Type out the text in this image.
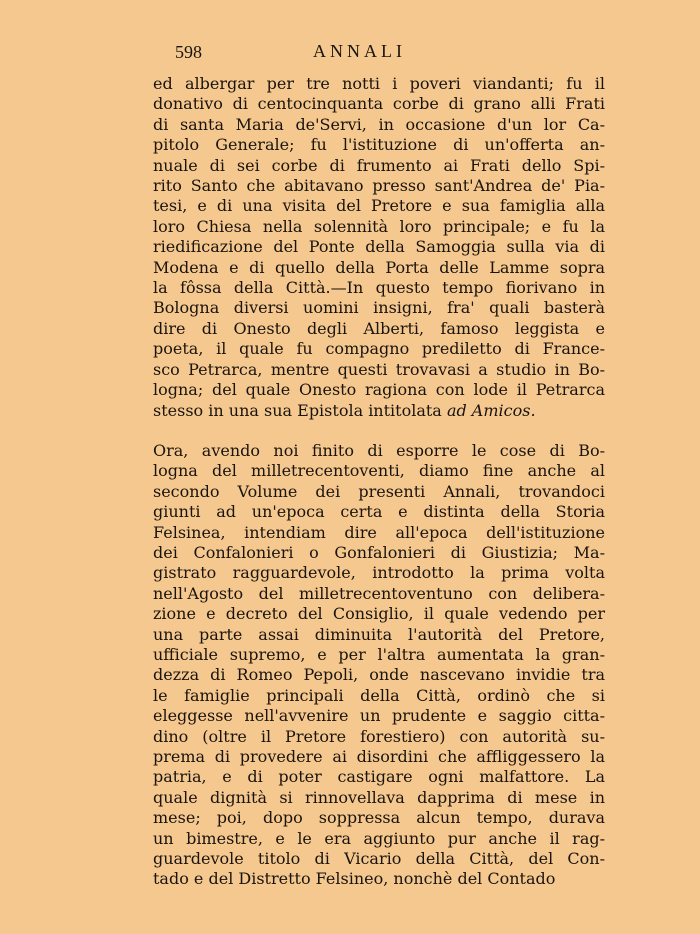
598	ANNALI

ed albergar per tre notti i poveri viandanti; fu il
donativo di centocinquanta corbe di grano alli Frati
di santa Maria de'Servi, in occasione d'un lor Ca-
pitolo Generale; fu l'istituzione di un'offerta an-
nuale di sei corbe di frumento ai Frati dello Spi-
rito Santo che abitavano presso sant'Andrea de' Pia-
tesi, e di una visita del Pretore e sua famiglia alla
loro Chiesa nella solennità loro principale; e fu la
riedificazione del Ponte della Samoggia sulla via di
Modena e di quello della Porta delle Lamme sopra
la fôssa della Città.—In questo tempo fiorivano in
Bologna diversi uomini insigni, fra' quali basterà
dire di Onesto degli Alberti, famoso leggista e
poeta, il quale fu compagno prediletto di France-
sco Petrarca, mentre questi trovavasi a studio in Bo-
logna; del quale Onesto ragiona con lode il Petrarca
stesso in una sua Epistola intitolata ad Amicos.

Ora, avendo noi finito di esporre le cose di Bo-
logna del milletrecentoventi, diamo fine anche al
secondo Volume dei presenti Annali, trovandoci
giunti ad un'epoca certa e distinta della Storia
Felsinea, intendiam dire all'epoca dell'istituzione
dei Confalonieri o Gonfalonieri di Giustizia; Ma-
gistrato ragguardevole, introdotto la prima volta
nell'Agosto del milletrecentoventuno con delibera-
zione e decreto del Consiglio, il quale vedendo per
una parte assai diminuita l'autorità del Pretore,
ufficiale supremo, e per l'altra aumentata la gran-
dezza di Romeo Pepoli, onde nascevano invidie tra
le famiglie principali della Città, ordinò che si
eleggesse nell'avvenire un prudente e saggio citta-
dino (oltre il Pretore forestiero) con autorità su-
prema di provedere ai disordini che affliggessero la
patria, e di poter castigare ogni malfattore. La
quale dignità si rinnovellava dapprima di mese in
mese; poi, dopo soppressa alcun tempo, durava
un bimestre, e le era aggiunto pur anche il rag-
guardevole titolo di Vicario della Città, del Con-
tado e del Distretto Felsineo, nonchè del Contado
